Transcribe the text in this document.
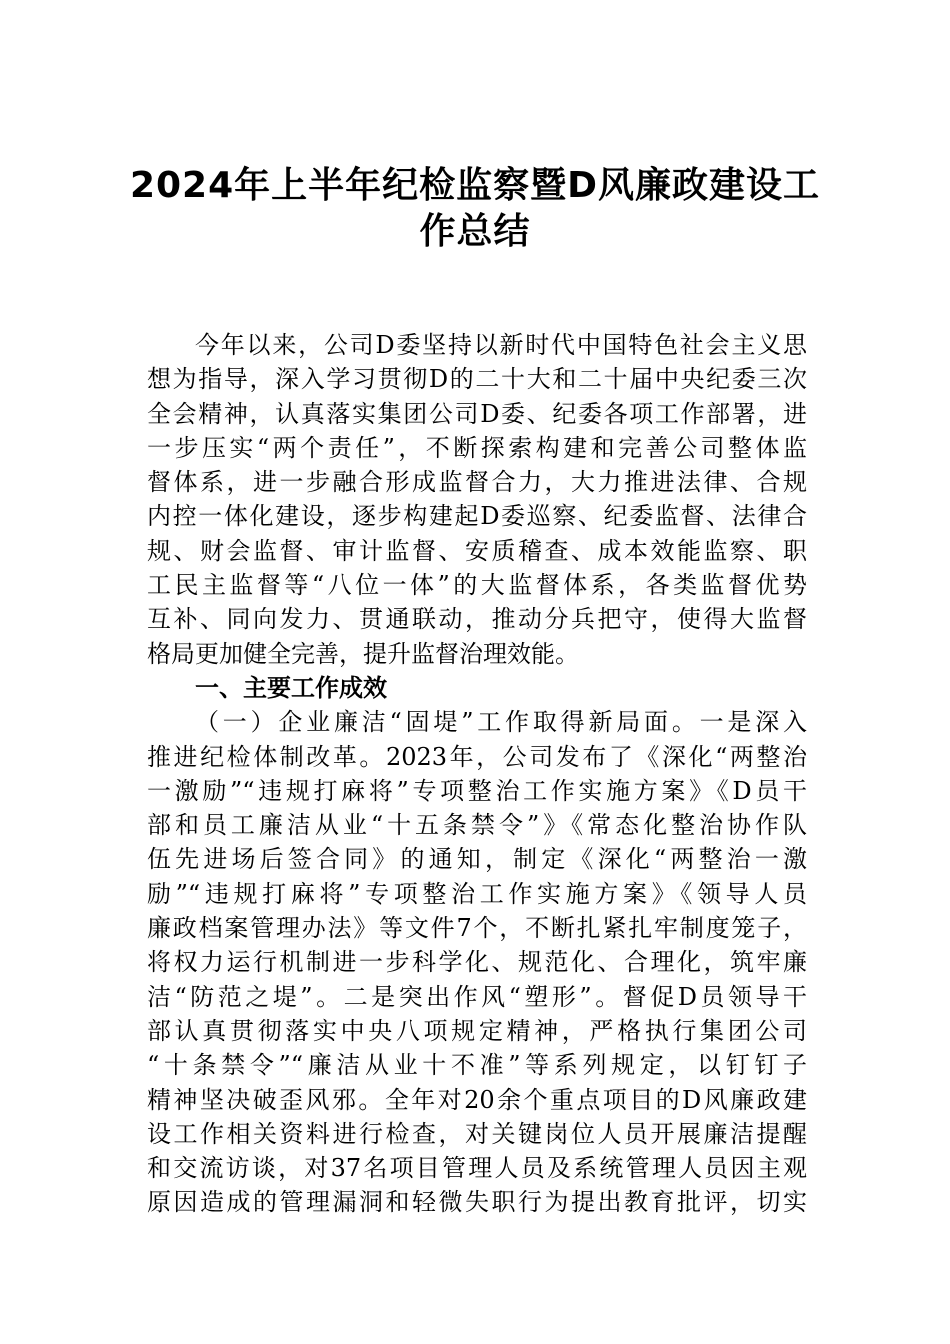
2024年上半年纪检监察暨D风廉政建设工
作总结
今年以来，公司D委坚持以新时代中国特色社会主义思
想为指导，深入学习贯彻D的二十大和二十届中央纪委三次
全会精神，认真落实集团公司D委、纪委各项工作部署，进
一步压实“两个责任”，不断探索构建和完善公司整体监
督体系，进一步融合形成监督合力，大力推进法律、合规
内控一体化建设，逐步构建起D委巡察、纪委监督、法律合
规、财会监督、审计监督、安质稽查、成本效能监察、职
工民主监督等“八位一体”的大监督体系，各类监督优势
互补、同向发力、贯通联动，推动分兵把守，使得大监督
格局更加健全完善，提升监督治理效能。
一、主要工作成效
（一）企业廉洁“固堤”工作取得新局面。一是深入
推进纪检体制改革。2023年，公司发布了《深化“两整治
一激励”“违规打麻将”专项整治工作实施方案》《D员干
部和员工廉洁从业“十五条禁令”》《常态化整治协作队
伍先进场后签合同》的通知，制定《深化“两整治一激
励”“违规打麻将”专项整治工作实施方案》《领导人员
廉政档案管理办法》等文件7个，不断扎紧扎牢制度笼子，
将权力运行机制进一步科学化、规范化、合理化，筑牢廉
洁“防范之堤”。二是突出作风“塑形”。督促D员领导干
部认真贯彻落实中央八项规定精神，严格执行集团公司
“十条禁令”“廉洁从业十不准”等系列规定，以钉钉子
精神坚决破歪风邪。全年对20余个重点项目的D风廉政建
设工作相关资料进行检查，对关键岗位人员开展廉洁提醒
和交流访谈，对37名项目管理人员及系统管理人员因主观
原因造成的管理漏洞和轻微失职行为提出教育批评，切实
